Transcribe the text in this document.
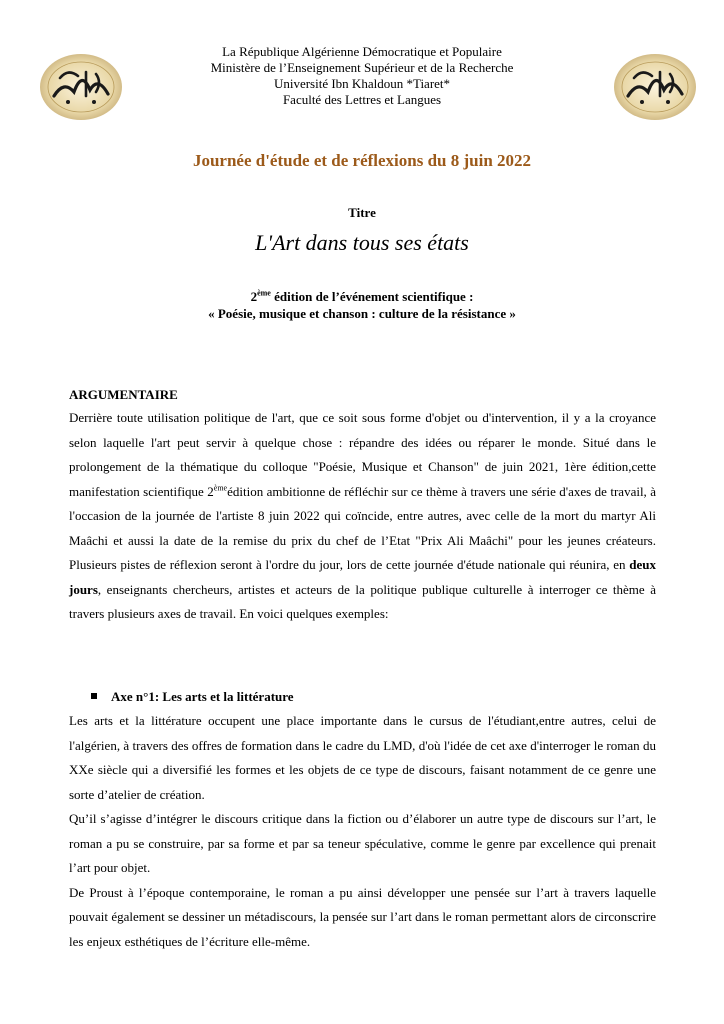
La République Algérienne Démocratique et Populaire
Ministère de l’Enseignement Supérieur et de la Recherche
Université Ibn Khaldoun *Tiaret*
Faculté des Lettres et Langues
Journée d'étude et de réflexions du 8 juin 2022
Titre
L'Art dans tous ses états
2ème édition de l’événement scientifique :
« Poésie, musique et chanson : culture de la résistance »
ARGUMENTAIRE

Derrière toute utilisation politique de l'art, que ce soit sous forme d'objet ou d'intervention, il y a la croyance selon laquelle l'art peut servir à quelque chose : répandre des idées ou réparer le monde. Situé dans le prolongement de la thématique du colloque "Poésie, Musique et Chanson" de juin 2021, 1ère édition,cette manifestation scientifique 2èmeédition ambitionne de réfléchir sur ce thème à travers une série d'axes de travail, à l'occasion de la journée de l'artiste 8 juin 2022 qui coïncide, entre autres, avec celle de la mort du martyr Ali Maâchi et aussi la date de la remise du prix du chef de l’Etat "Prix Ali Maâchi" pour les jeunes créateurs. Plusieurs pistes de réflexion seront à l'ordre du jour, lors de cette journée d'étude nationale qui réunira, en deux jours, enseignants chercheurs, artistes et acteurs de la politique publique culturelle à interroger ce thème à travers plusieurs axes de travail. En voici quelques exemples:

Axe n°1: Les arts et la littérature

Les arts et la littérature occupent une place importante dans le cursus de l'étudiant,entre autres, celui de l'algérien, à travers des offres de formation dans le cadre du LMD, d'où l'idée de cet axe d'interroger le roman du XXe siècle qui a diversifié les formes et les objets de ce type de discours, faisant notamment de ce genre une sorte d’atelier de création.

Qu’il s’agisse d’intégrer le discours critique dans la fiction ou d’élaborer un autre type de discours sur l’art, le roman a pu se construire, par sa forme et par sa teneur spéculative, comme le genre par excellence qui prenait l’art pour objet.

De Proust à l’époque contemporaine, le roman a pu ainsi développer une pensée sur l’art à travers laquelle pouvait également se dessiner un métadiscours, la pensée sur l’art dans le roman permettant alors de circonscrire les enjeux esthétiques de l’écriture elle-même.
